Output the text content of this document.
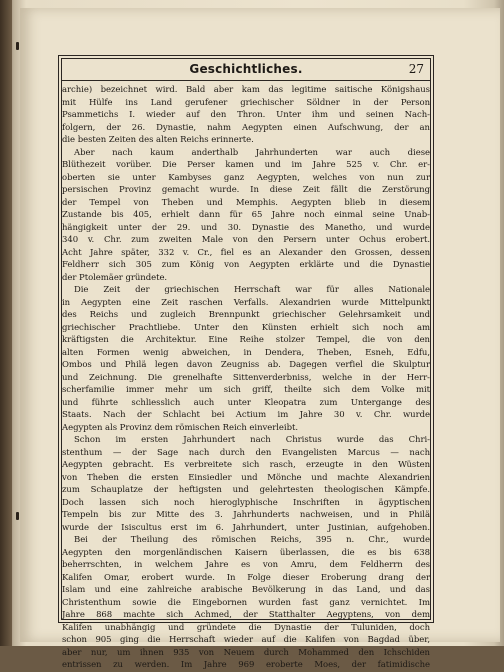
Geschichtliches.	27
archie) bezeichnet wird. Bald aber kam das legitime saitische Königshaus
mit Hülfe ins Land gerufener griechischer Söldner in der Person
Psammetichs I. wieder auf den Thron. Unter ihm und seinen Nach-
folgern, der 26. Dynastie, nahm Aegypten einen Aufschwung, der an
die besten Zeiten des alten Reichs erinnerte.
Aber nach kaum anderthalb Jahrhunderten war auch diese
Blüthezeit vorüber. Die Perser kamen und im Jahre 525 v. Chr. er-
oberten sie unter Kambyses ganz Aegypten, welches von nun zur
persischen Provinz gemacht wurde. In diese Zeit fällt die Zerstörung
der Tempel von Theben und Memphis. Aegypten blieb in diesem
Zustande bis 405, erhielt dann für 65 Jahre noch einmal seine Unab-
hängigkeit unter der 29. und 30. Dynastie des Manetho, und wurde
340 v. Chr. zum zweiten Male von den Persern unter Ochus erobert.
Acht Jahre später, 332 v. Cr., fiel es an Alexander den Grossen, dessen
Feldherr sich 305 zum König von Aegypten erklärte und die Dynastie
der Ptolemäer gründete.
Die Zeit der griechischen Herrschaft war für alles Nationale
in Aegypten eine Zeit raschen Verfalls. Alexandrien wurde Mittelpunkt
des Reichs und zugleich Brennpunkt griechischer Gelehrsamkeit und
griechischer Prachtliebe. Unter den Künsten erhielt sich noch am
kräftigsten die Architektur. Eine Reihe stolzer Tempel, die von den
alten Formen wenig abweichen, in Dendera, Theben, Esneh, Edfu,
Ombos und Philä legen davon Zeugniss ab. Dagegen verfiel die Skulptur
und Zeichnung. Die grenelhafte Sittenverderbniss, welche in der Herr-
scherfamilie immer mehr um sich griff, theilte sich dem Volke mit
und führte schliesslich auch unter Kleopatra zum Untergange des
Staats. Nach der Schlacht bei Actium im Jahre 30 v. Chr. wurde
Aegypten als Provinz dem römischen Reich einverleibt.
Schon im ersten Jahrhundert nach Christus wurde das Chri-
stenthum — der Sage nach durch den Evangelisten Marcus — nach
Aegypten gebracht. Es verbreitete sich rasch, erzeugte in den Wüsten
von Theben die ersten Einsiedler und Mönche und machte Alexandrien
zum Schauplatze der heftigsten und gelehrtesten theologischen Kämpfe.
Doch lassen sich noch hieroglyphische Inschriften in ägyptischen
Tempeln bis zur Mitte des 3. Jahrhunderts nachweisen, und in Philä
wurde der Isiscultus erst im 6. Jahrhundert, unter Justinian, aufgehoben.
Bei der Theilung des römischen Reichs, 395 n. Chr., wurde
Aegypten den morgenländischen Kaisern überlassen, die es bis 638
beherrschten, in welchem Jahre es von Amru, dem Feldherrn des
Kalifen Omar, erobert wurde. In Folge dieser Eroberung drang der
Islam und eine zahlreiche arabische Bevölkerung in das Land, und das
Christenthum sowie die Eingebornen wurden fast ganz vernichtet. Im
Jahre 868 machte sich Achmed, der Statthalter Aegyptens, von dem
Kalifen unabhängig und gründete die Dynastie der Tuluniden, doch
schon 905 ging die Herrschaft wieder auf die Kalifen von Bagdad über,
aber nur, um ihnen 935 von Neuem durch Mohammed den Ichschiden
entrissen zu werden. Im Jahre 969 eroberte Moes, der fatimidische
